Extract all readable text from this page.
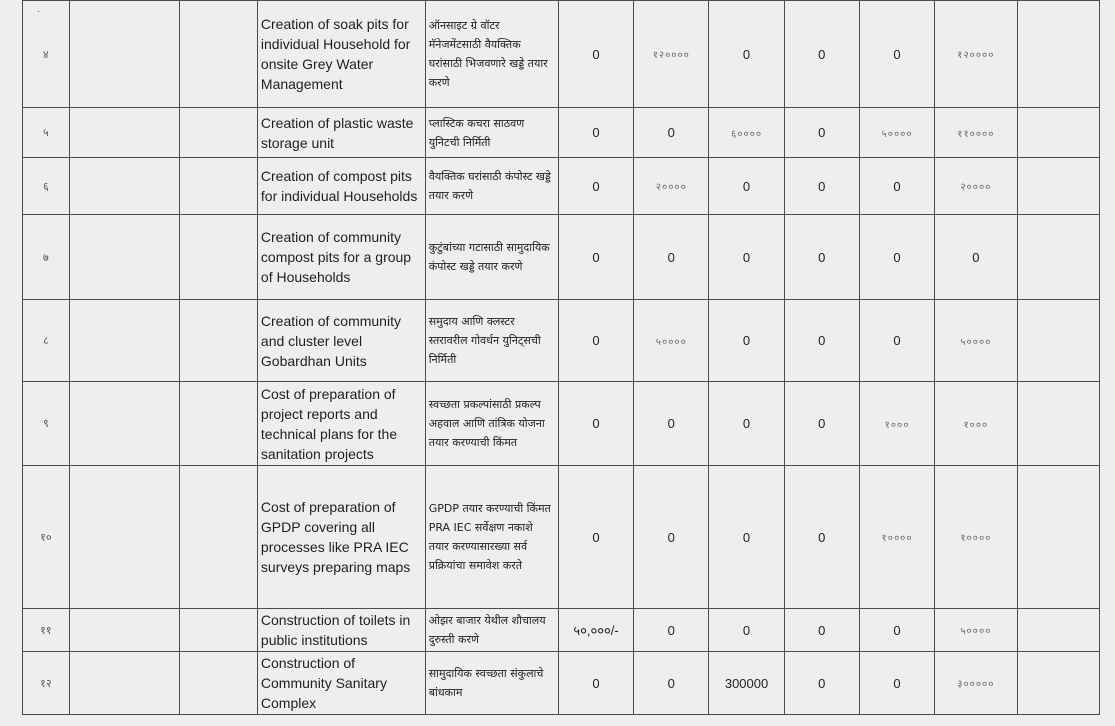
.
४			Creation of soak pits for individual Household for onsite Grey Water Management	ऑनसाइट ग्रे वॉटर मॅनेजमेंटसाठी वैयक्तिक घरांसाठी भिजवणारे खड्डे तयार करणे	0	१२००००	0	0	0	१२००००	
५			Creation of plastic waste storage unit	प्लास्टिक कचरा साठवण युनिटची निर्मिती	0	0	६००००	0	५००००	११००००	
६			Creation of compost pits for individual Households	वैयक्तिक घरांसाठी कंपोस्ट खड्डे तयार करणे	0	२००००	0	0	0	२००००	
७			Creation of community compost pits for a group of Households	कुटुंबांच्या गटासाठी सामुदायिक कंपोस्ट खड्डे तयार करणे	0	0	0	0	0	0	
८			Creation of community and cluster level Gobardhan Units	समुदाय आणि क्लस्टर स्तरावरील गोवर्धन युनिट्सची निर्मिती	0	५००००	0	0	0	५००००	
९			Cost of preparation of project reports and technical plans for the sanitation projects	स्वच्छता प्रकल्पांसाठी प्रकल्प अहवाल आणि तांत्रिक योजना तयार करण्याची किंमत	0	0	0	0	१०००	१०००	
१०			Cost of preparation of GPDP covering all processes like PRA IEC surveys preparing maps	GPDP तयार करण्याची किंमत PRA IEC सर्वेक्षण नकाशे तयार करण्यासारख्या सर्व प्रक्रियांचा समावेश करते	0	0	0	0	१००००	१००००	
११			Construction of toilets in public institutions	ओझर बाजार येथील शौचालय दुरुस्ती करणे	५०,०००/-	0	0	0	0	५००००	
१२			Construction of Community Sanitary Complex	सामुदायिक स्वच्छता संकुलाचे बांधकाम	0	0	300000	0	0	३०००००	
